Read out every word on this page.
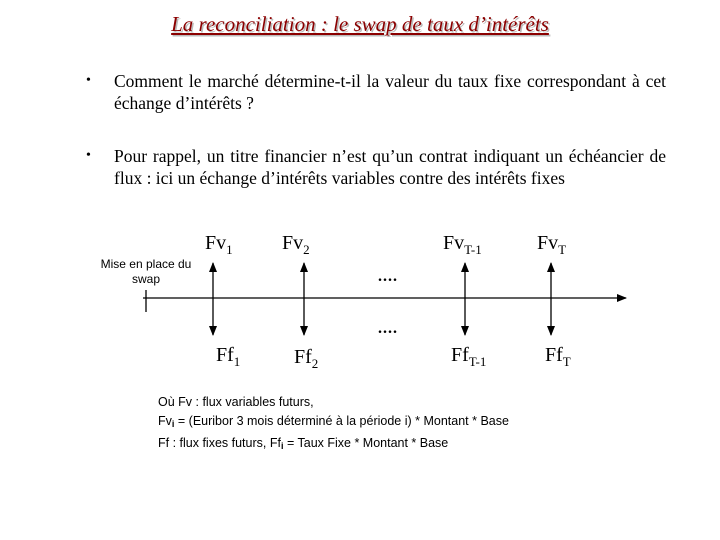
La reconciliation : le swap de taux d’intérêts
• Comment le marché détermine-t-il la valeur du taux fixe correspondant à cet échange d’intérêts ?
• Pour rappel, un titre financier n’est qu’un contrat indiquant un échéancier de flux : ici un échange d’intérêts variables contre des intérêts fixes
Mise en place du swap
$Fv_1$ $Fv_2$	$Fv_{T-1}$	$Fv_T$
$Ff_1$	$Ff_2$	$Ff_{T-1}$	$Ff_T$
....
....
Où Fv : flux variables futurs,
$Fv_i$ = (Euribor 3 mois déterminé à la période i) * Montant * Base
Ff : flux fixes futurs, $Ff_i$ = Taux Fixe * Montant * Base
